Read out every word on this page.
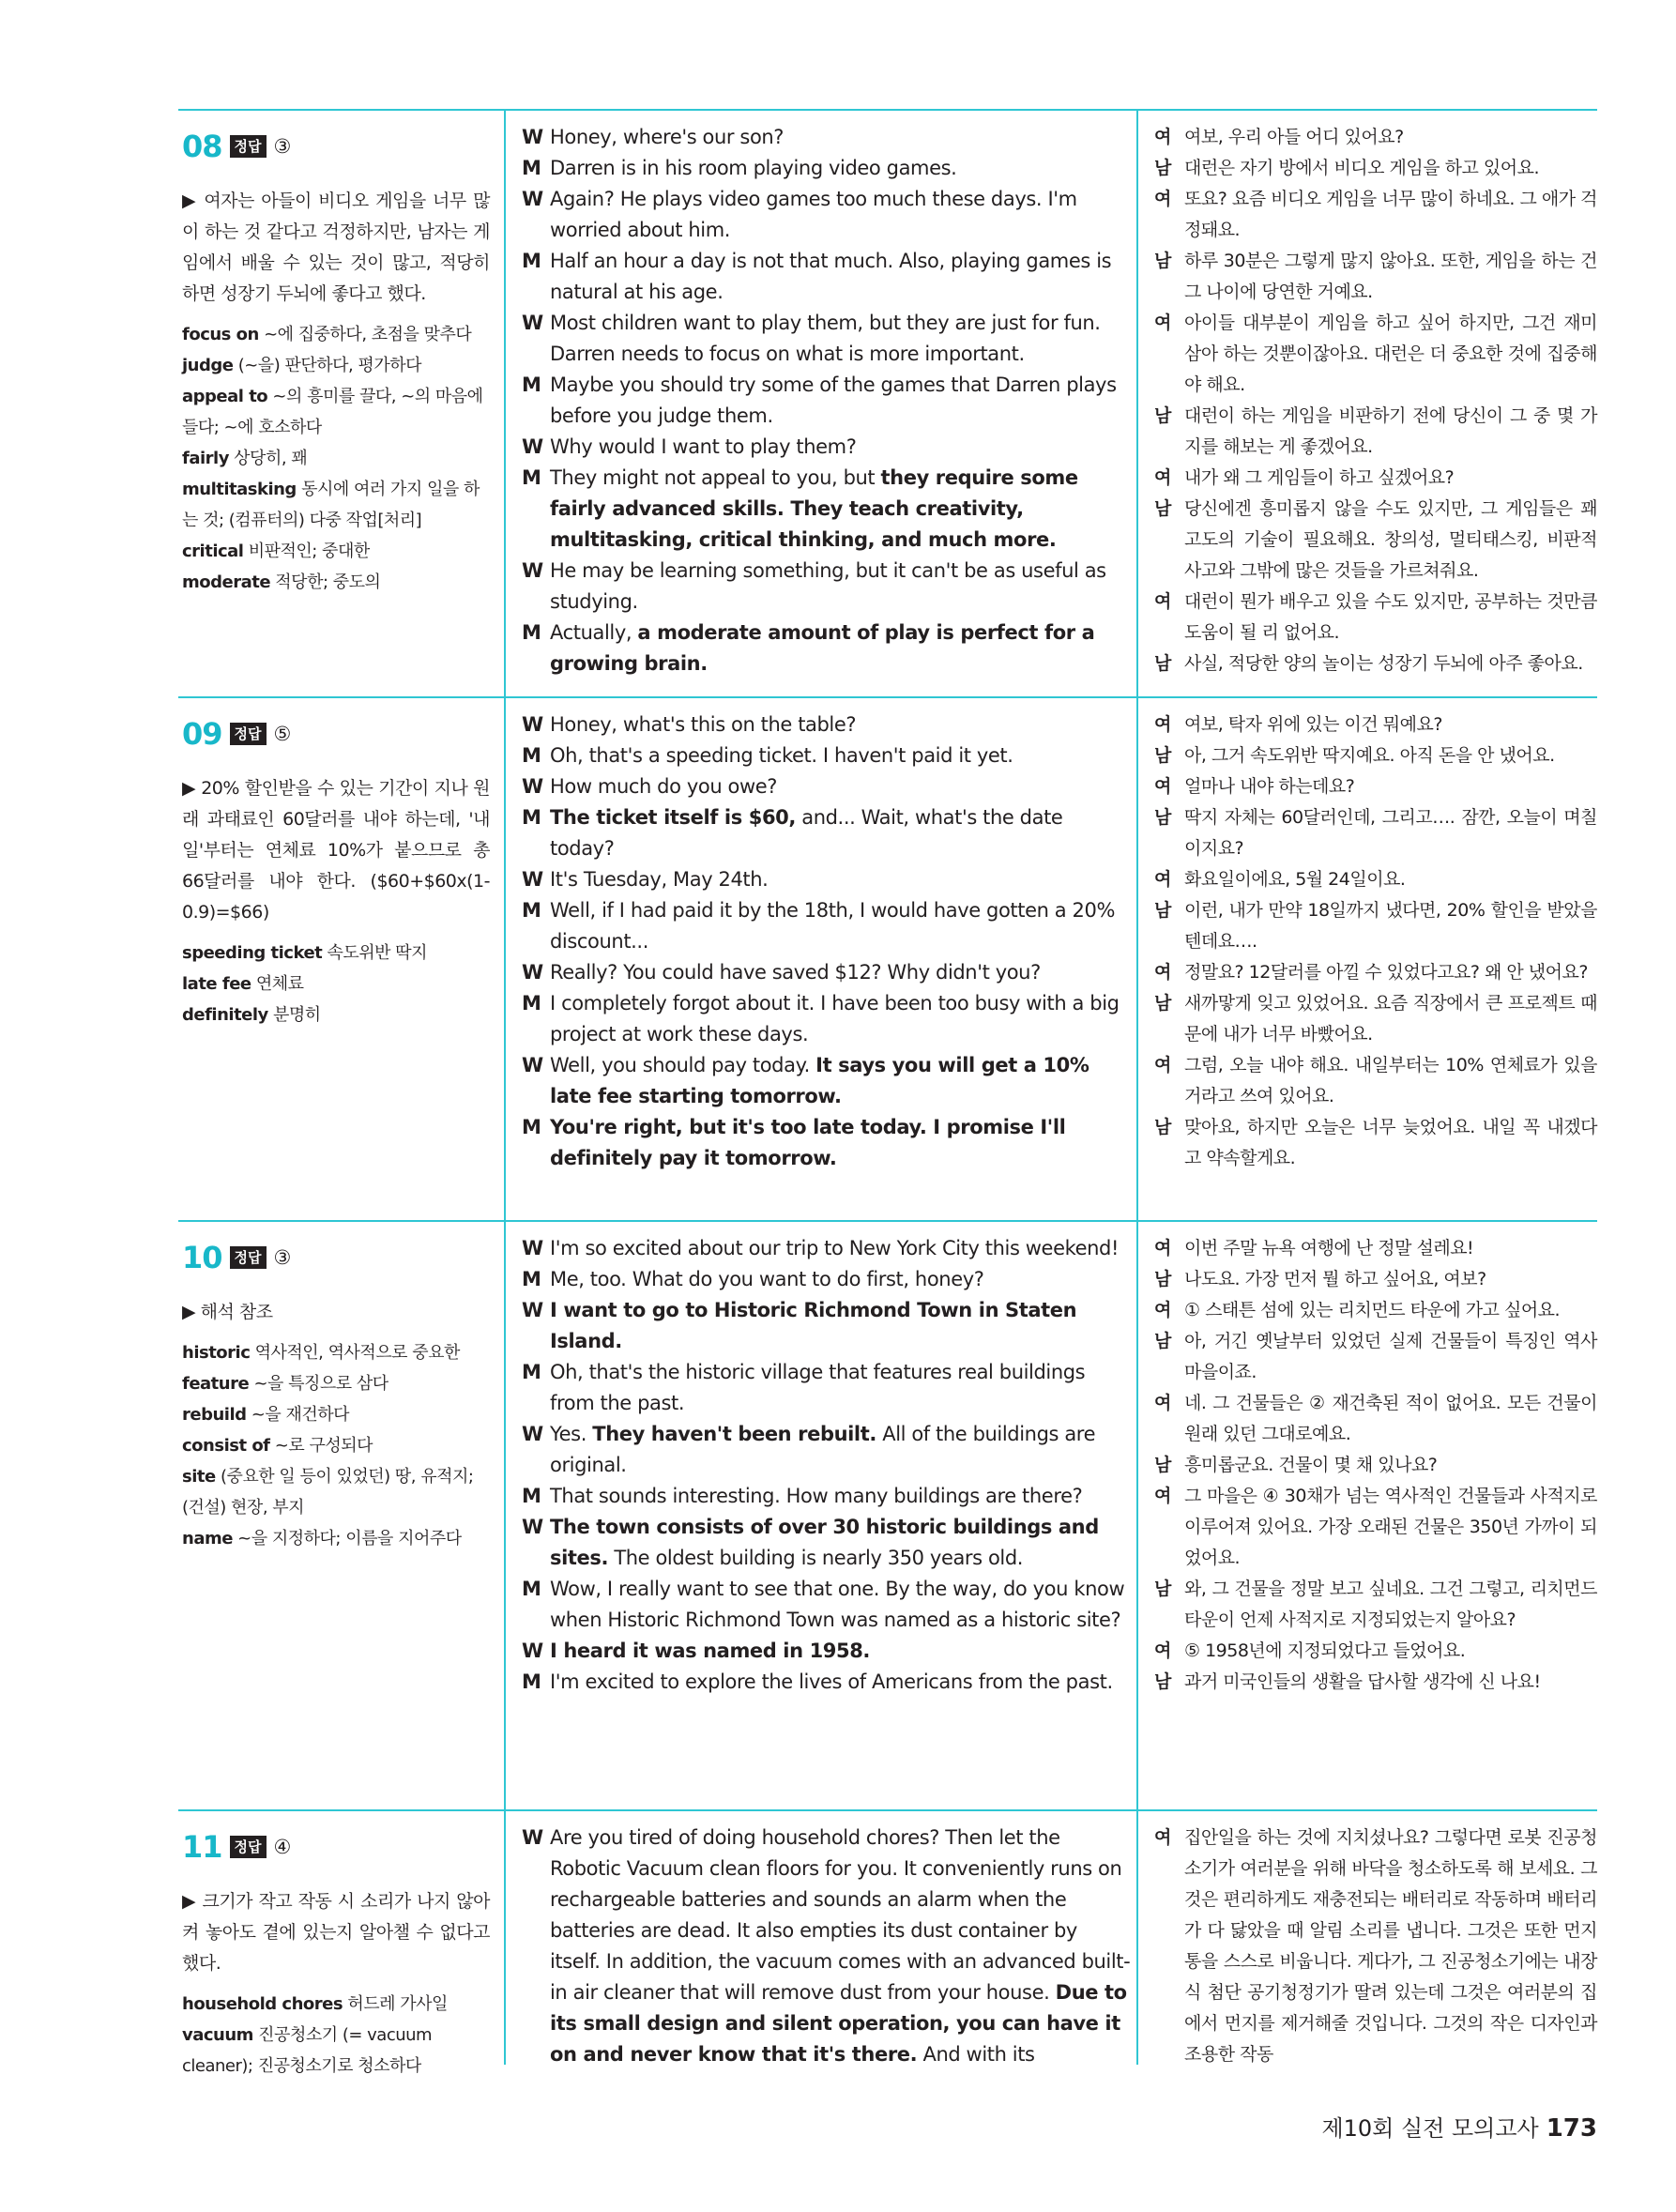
08 정답 ③
▶ 여자는 아들이 비디오 게임을 너무 많이 하는 것 같다고 걱정하지만, 남자는 게임에서 배울 수 있는 것이 많고, 적당히 하면 성장기 두뇌에 좋다고 했다.
focus on ~에 집중하다, 초점을 맞추다
judge (~을) 판단하다, 평가하다
appeal to ~의 흥미를 끌다, ~의 마음에 들다; ~에 호소하다
fairly 상당히, 꽤
multitasking 동시에 여러 가지 일을 하는 것; (컴퓨터의) 다중 작업[처리]
critical 비판적인; 중대한
moderate 적당한; 중도의
W Honey, where's our son?
M Darren is in his room playing video games.
W Again? He plays video games too much these days. I'm worried about him.
M Half an hour a day is not that much. Also, playing games is natural at his age.
W Most children want to play them, but they are just for fun. Darren needs to focus on what is more important.
M Maybe you should try some of the games that Darren plays before you judge them.
W Why would I want to play them?
M They might not appeal to you, but they require some fairly advanced skills. They teach creativity, multitasking, critical thinking, and much more.
W He may be learning something, but it can't be as useful as studying.
M Actually, a moderate amount of play is perfect for a growing brain.
여 여보, 우리 아들 어디 있어요?
남 대런은 자기 방에서 비디오 게임을 하고 있어요.
여 또요? 요즘 비디오 게임을 너무 많이 하네요. 그 애가 걱정돼요.
남 하루 30분은 그렇게 많지 않아요. 또한, 게임을 하는 건 그 나이에 당연한 거예요.
여 아이들 대부분이 게임을 하고 싶어 하지만, 그건 재미 삼아 하는 것뿐이잖아요. 대런은 더 중요한 것에 집중해야 해요.
남 대런이 하는 게임을 비판하기 전에 당신이 그 중 몇 가지를 해보는 게 좋겠어요.
여 내가 왜 그 게임들이 하고 싶겠어요?
남 당신에겐 흥미롭지 않을 수도 있지만, 그 게임들은 꽤 고도의 기술이 필요해요. 창의성, 멀티태스킹, 비판적 사고와 그밖에 많은 것들을 가르쳐줘요.
여 대런이 뭔가 배우고 있을 수도 있지만, 공부하는 것만큼 도움이 될 리 없어요.
남 사실, 적당한 양의 놀이는 성장기 두뇌에 아주 좋아요.
09 정답 ⑤
▶ 20% 할인받을 수 있는 기간이 지나 원래 과태료인 60달러를 내야 하는데, '내일'부터는 연체료 10%가 붙으므로 총 66달러를 내야 한다. ($60+$60x(1-0.9)=$66)
speeding ticket 속도위반 딱지
late fee 연체료
definitely 분명히
W Honey, what's this on the table?
M Oh, that's a speeding ticket. I haven't paid it yet.
W How much do you owe?
M The ticket itself is $60, and... Wait, what's the date today?
W It's Tuesday, May 24th.
M Well, if I had paid it by the 18th, I would have gotten a 20% discount...
W Really? You could have saved $12? Why didn't you?
M I completely forgot about it. I have been too busy with a big project at work these days.
W Well, you should pay today. It says you will get a 10% late fee starting tomorrow.
M You're right, but it's too late today. I promise I'll definitely pay it tomorrow.
여 여보, 탁자 위에 있는 이건 뭐예요?
남 아, 그거 속도위반 딱지예요. 아직 돈을 안 냈어요.
여 얼마나 내야 하는데요?
남 딱지 자체는 60달러인데, 그리고…. 잠깐, 오늘이 며칠이지요?
여 화요일이에요, 5월 24일이요.
남 이런, 내가 만약 18일까지 냈다면, 20% 할인을 받았을 텐데요….
여 정말요? 12달러를 아낄 수 있었다고요? 왜 안 냈어요?
남 새까맣게 잊고 있었어요. 요즘 직장에서 큰 프로젝트 때문에 내가 너무 바빴어요.
여 그럼, 오늘 내야 해요. 내일부터는 10% 연체료가 있을 거라고 쓰여 있어요.
남 맞아요, 하지만 오늘은 너무 늦었어요. 내일 꼭 내겠다고 약속할게요.
10 정답 ③
▶ 해석 참조
historic 역사적인, 역사적으로 중요한
feature ~을 특징으로 삼다
rebuild ~을 재건하다
consist of ~로 구성되다
site (중요한 일 등이 있었던) 땅, 유적지; (건설) 현장, 부지
name ~을 지정하다; 이름을 지어주다
W I'm so excited about our trip to New York City this weekend!
M Me, too. What do you want to do first, honey?
W I want to go to Historic Richmond Town in Staten Island.
M Oh, that's the historic village that features real buildings from the past.
W Yes. They haven't been rebuilt. All of the buildings are original.
M That sounds interesting. How many buildings are there?
W The town consists of over 30 historic buildings and sites. The oldest building is nearly 350 years old.
M Wow, I really want to see that one. By the way, do you know when Historic Richmond Town was named as a historic site?
W I heard it was named in 1958.
M I'm excited to explore the lives of Americans from the past.
여 이번 주말 뉴욕 여행에 난 정말 설레요!
남 나도요. 가장 먼저 뭘 하고 싶어요, 여보?
여 ① 스태튼 섬에 있는 리치먼드 타운에 가고 싶어요.
남 아, 거긴 옛날부터 있었던 실제 건물들이 특징인 역사 마을이죠.
여 네. 그 건물들은 ② 재건축된 적이 없어요. 모든 건물이 원래 있던 그대로예요.
남 흥미롭군요. 건물이 몇 채 있나요?
여 그 마을은 ④ 30채가 넘는 역사적인 건물들과 사적지로 이루어져 있어요. 가장 오래된 건물은 350년 가까이 되었어요.
남 와, 그 건물을 정말 보고 싶네요. 그건 그렇고, 리치먼드 타운이 언제 사적지로 지정되었는지 알아요?
여 ⑤ 1958년에 지정되었다고 들었어요.
남 과거 미국인들의 생활을 답사할 생각에 신 나요!
11 정답 ④
▶ 크기가 작고 작동 시 소리가 나지 않아 켜 놓아도 곁에 있는지 알아챌 수 없다고 했다.
household chores 허드레 가사일
vacuum 진공청소기 (= vacuum cleaner); 진공청소기로 청소하다
W Are you tired of doing household chores? Then let the Robotic Vacuum clean floors for you. It conveniently runs on rechargeable batteries and sounds an alarm when the batteries are dead. It also empties its dust container by itself. In addition, the vacuum comes with an advanced built-in air cleaner that will remove dust from your house. Due to its small design and silent operation, you can have it on and never know that it's there. And with its
여 집안일을 하는 것에 지치셨나요? 그렇다면 로봇 진공청소기가 여러분을 위해 바닥을 청소하도록 해 보세요. 그것은 편리하게도 재충전되는 배터리로 작동하며 배터리가 다 닳았을 때 알림 소리를 냅니다. 그것은 또한 먼지 통을 스스로 비웁니다. 게다가, 그 진공청소기에는 내장 식 첨단 공기청정기가 딸려 있는데 그것은 여러분의 집에서 먼지를 제거해줄 것입니다. 그것의 작은 디자인과 조용한 작동
제10회 실전 모의고사 173
